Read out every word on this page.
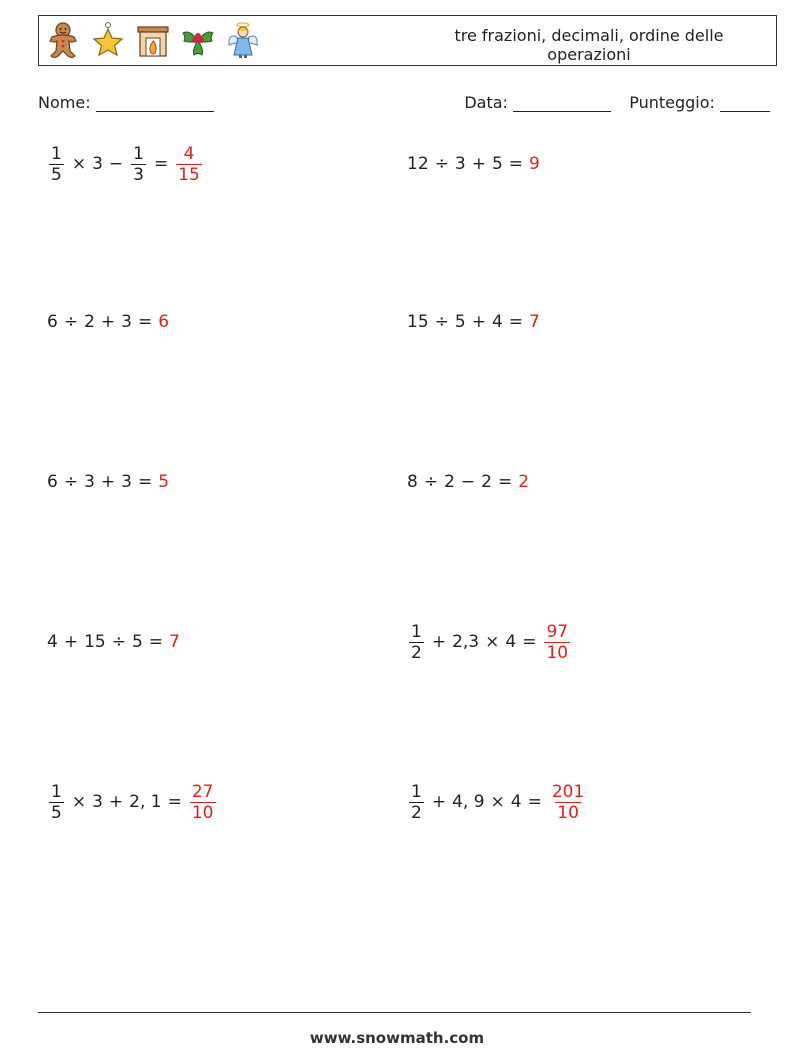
tre frazioni, decimali, ordine delle operazioni
Nome:	Data:	Punteggio:
$\frac{1}{5} \times 3 - \frac{1}{3} = \frac{4}{15}$	12 ÷ 3 + 5 = 9
6 ÷ 2 + 3 = 6	15 ÷ 5 + 4 = 7
6 ÷ 3 + 3 = 5	8 ÷ 2 − 2 = 2
4 + 15 ÷ 5 = 7	$\frac{1}{2} + 2,3 \times 4 = \frac{97}{10}$
$\frac{1}{5} \times 3 + 2$, $1 = \frac{27}{10}$	$\frac{1}{2} + 4$, $9 \times 4 = \frac{201}{10}$
www.snowmath.com
